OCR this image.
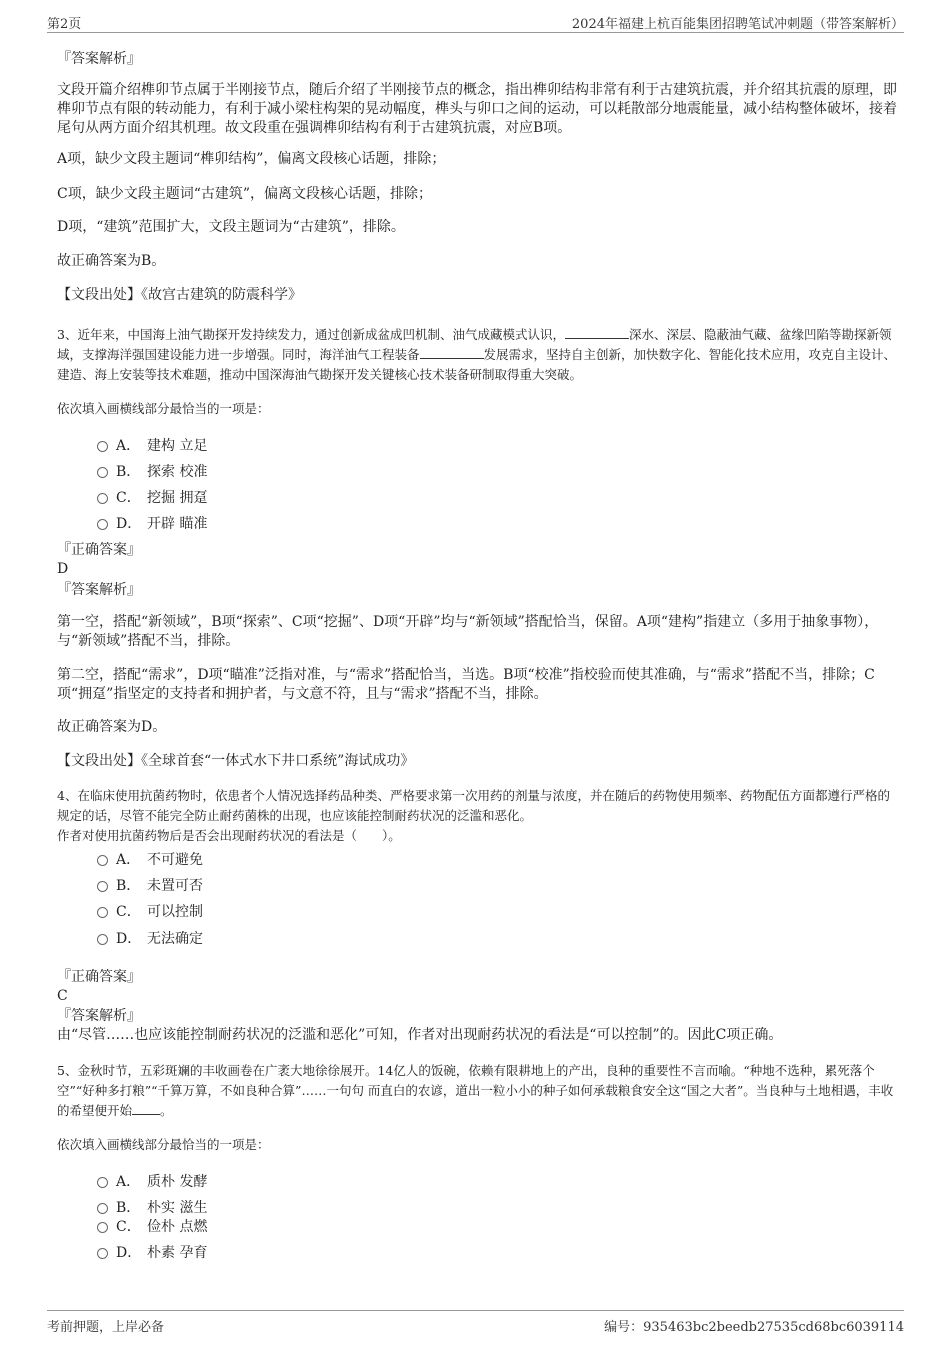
第2页	2024年福建上杭百能集团招聘笔试冲刺题（带答案解析）
『答案解析』
文段开篇介绍榫卯节点属于半刚接节点，随后介绍了半刚接节点的概念，指出榫卯结构非常有利于古建筑抗震，并介绍其抗震的原理，即榫卯节点有限的转动能力，有利于减小梁柱构架的晃动幅度，榫头与卯口之间的运动，可以耗散部分地震能量，减小结构整体破坏，接着尾句从两方面介绍其机理。故文段重在强调榫卯结构有利于古建筑抗震，对应B项。
A项，缺少文段主题词“榫卯结构”，偏离文段核心话题，排除；
C项，缺少文段主题词“古建筑”，偏离文段核心话题，排除；
D项，“建筑”范围扩大，文段主题词为“古建筑”，排除。
故正确答案为B。
【文段出处】《故宫古建筑的防震科学》
3、近年来，中国海上油气勘探开发持续发力，通过创新成盆成凹机制、油气成藏模式认识，	深水、深层、隐蔽油气藏、盆缘凹陷等勘探新领域，支撑海洋强国建设能力进一步增强。同时，海洋油气工程装备	发展需求，坚持自主创新，加快数字化、智能化技术应用，攻克自主设计、建造、海上安装等技术难题，推动中国深海油气勘探开发关键核心技术装备研制取得重大突破。
依次填入画横线部分最恰当的一项是：
A． 建构 立足
B． 探索 校准
C． 挖掘 拥趸
D． 开辟 瞄准
『正确答案』
D
『答案解析』
第一空，搭配“新领域”，B项“探索”、C项“挖掘”、D项“开辟”均与“新领域”搭配恰当，保留。A项“建构”指建立（多用于抽象事物），与“新领域”搭配不当，排除。
第二空，搭配“需求”，D项“瞄准”泛指对准，与“需求”搭配恰当，当选。B项“校准”指校验而使其准确，与“需求”搭配不当，排除；C项“拥趸”指坚定的支持者和拥护者，与文意不符，且与“需求”搭配不当，排除。
故正确答案为D。
【文段出处】《全球首套“一体式水下井口系统”海试成功》
4、在临床使用抗菌药物时，依患者个人情况选择药品种类、严格要求第一次用药的剂量与浓度，并在随后的药物使用频率、药物配伍方面都遵行严格的规定的话，尽管不能完全防止耐药菌株的出现，也应该能控制耐药状况的泛滥和恶化。
作者对使用抗菌药物后是否会出现耐药状况的看法是（　　）。
A． 不可避免
B． 未置可否
C． 可以控制
D． 无法确定
『正确答案』
C
『答案解析』
由“尽管……也应该能控制耐药状况的泛滥和恶化”可知，作者对出现耐药状况的看法是“可以控制”的。因此C项正确。
5、金秋时节，五彩斑斓的丰收画卷在广袤大地徐徐展开。14亿人的饭碗，依赖有限耕地上的产出，良种的重要性不言而喻。“种地不选种，累死落个空”“好种多打粮”“千算万算，不如良种合算”……一句句 而直白的农谚，道出一粒小小的种子如何承载粮食安全这“国之大者”。当良种与土地相遇，丰收的希望便开始 。
依次填入画横线部分最恰当的一项是：
A． 质朴 发酵
B． 朴实 滋生
C． 俭朴 点燃
D． 朴素 孕育
考前押题，上岸必备	编号：935463bc2beedb27535cd68bc6039114
